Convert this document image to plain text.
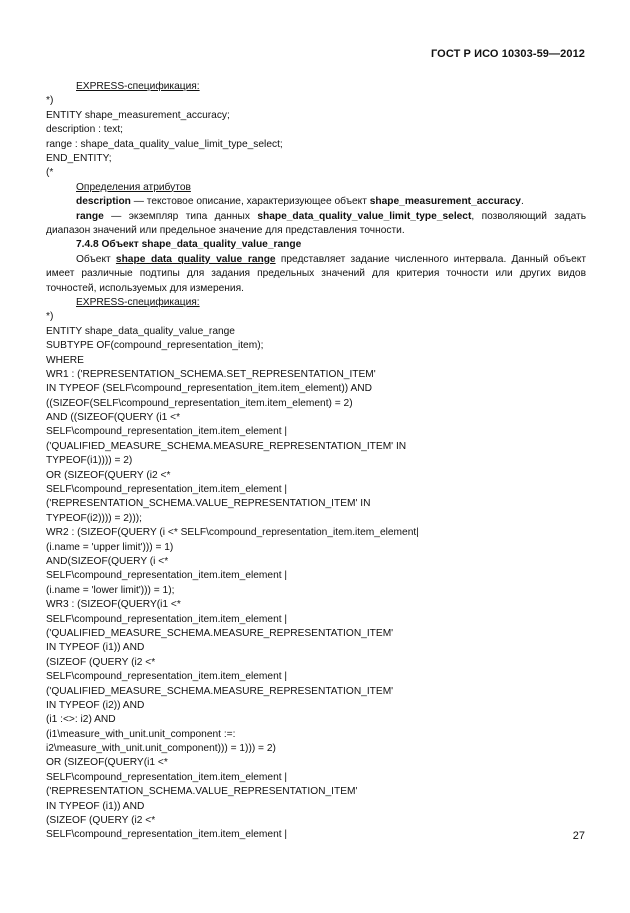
ГОСТ Р ИСО 10303-59—2012
EXPRESS-спецификация:
*)
ENTITY shape_measurement_accuracy;
description : text;
range : shape_data_quality_value_limit_type_select;
END_ENTITY;
(*
Определения атрибутов
description — текстовое описание, характеризующее объект shape_measurement_accuracy.
range — экземпляр типа данных shape_data_quality_value_limit_type_select, позволяющий задать диапазон значений или предельное значение для представления точности.
7.4.8 Объект shape_data_quality_value_range
Объект shape_data_quality_value_range представляет задание численного интервала. Данный объект имеет различные подтипы для задания предельных значений для критерия точности или других видов точностей, используемых для измерения.
EXPRESS-спецификация:
*)
ENTITY shape_data_quality_value_range
SUBTYPE OF(compound_representation_item);
WHERE
WR1 : ('REPRESENTATION_SCHEMA.SET_REPRESENTATION_ITEM'
IN TYPEOF (SELF\compound_representation_item.item_element)) AND
((SIZEOF(SELF\compound_representation_item.item_element) = 2)
AND ((SIZEOF(QUERY (i1 <*
SELF\compound_representation_item.item_element |
('QUALIFIED_MEASURE_SCHEMA.MEASURE_REPRESENTATION_ITEM' IN
TYPEOF(i1)))) = 2)
OR (SIZEOF(QUERY (i2 <*
SELF\compound_representation_item.item_element |
('REPRESENTATION_SCHEMA.VALUE_REPRESENTATION_ITEM' IN
TYPEOF(i2)))) = 2)));
WR2 : (SIZEOF(QUERY (i <* SELF\compound_representation_item.item_element|
(i.name = 'upper limit'))) = 1)
AND(SIZEOF(QUERY (i <*
SELF\compound_representation_item.item_element |
(i.name = 'lower limit'))) = 1);
WR3 : (SIZEOF(QUERY(i1 <*
SELF\compound_representation_item.item_element |
('QUALIFIED_MEASURE_SCHEMA.MEASURE_REPRESENTATION_ITEM'
IN TYPEOF (i1)) AND
(SIZEOF (QUERY (i2 <*
SELF\compound_representation_item.item_element |
('QUALIFIED_MEASURE_SCHEMA.MEASURE_REPRESENTATION_ITEM'
IN TYPEOF (i2)) AND
(i1 :<>: i2) AND
(i1\measure_with_unit.unit_component :=:
i2\measure_with_unit.unit_component))) = 1))) = 2)
OR (SIZEOF(QUERY(i1 <*
SELF\compound_representation_item.item_element |
('REPRESENTATION_SCHEMA.VALUE_REPRESENTATION_ITEM'
IN TYPEOF (i1)) AND
(SIZEOF (QUERY (i2 <*
SELF\compound_representation_item.item_element |	27
